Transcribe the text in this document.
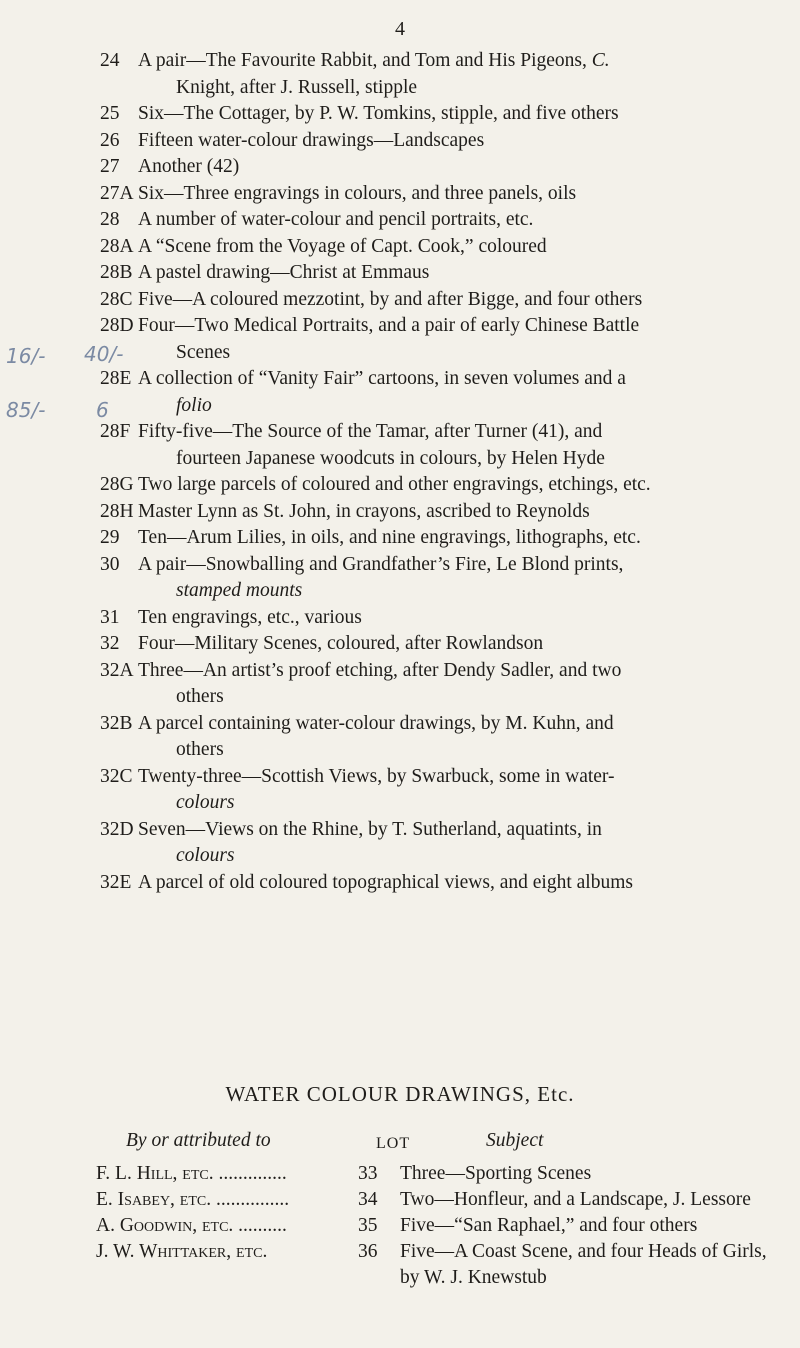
4
16/- 40/-
85/-	6
24 A pair—The Favourite Rabbit, and Tom and His Pigeons, C.
Knight, after J. Russell, stipple
25 Six—The Cottager, by P. W. Tomkins, stipple, and five others
26 Fifteen water-colour drawings—Landscapes
27 Another (42)
27A Six—Three engravings in colours, and three panels, oils
28 A number of water-colour and pencil portraits, etc.
28A A “Scene from the Voyage of Capt. Cook,” coloured
28B A pastel drawing—Christ at Emmaus
28C Five—A coloured mezzotint, by and after Bigge, and four others
28D Four—Two Medical Portraits, and a pair of early Chinese Battle
Scenes
28E A collection of “Vanity Fair” cartoons, in seven volumes and a
folio
28F Fifty-five—The Source of the Tamar, after Turner (41), and
fourteen Japanese woodcuts in colours, by Helen Hyde
28G Two large parcels of coloured and other engravings, etchings, etc.
28H Master Lynn as St. John, in crayons, ascribed to Reynolds
29 Ten—Arum Lilies, in oils, and nine engravings, lithographs, etc.
30 A pair—Snowballing and Grandfather’s Fire, Le Blond prints,
stamped mounts
31 Ten engravings, etc., various
32 Four—Military Scenes, coloured, after Rowlandson
32A Three—An artist’s proof etching, after Dendy Sadler, and two
others
32B A parcel containing water-colour drawings, by M. Kuhn, and
others
32C Twenty-three—Scottish Views, by Swarbuck, some in water-
colours
32D Seven—Views on the Rhine, by T. Sutherland, aquatints, in
colours
32E A parcel of old coloured topographical views, and eight albums
WATER COLOUR DRAWINGS, Etc.
By or attributed to	LOT	Subject
F. L. Hill, etc. ..............	33	Three—Sporting Scenes
E. Isabey, etc. ...............	34	Two—Honfleur, and a Landscape, J. Lessore
A. Goodwin, etc. ..........	35	Five—“San Raphael,” and four others
J. W. Whittaker, etc.	36	Five—A Coast Scene, and four Heads of Girls, by W. J. Knewstub
